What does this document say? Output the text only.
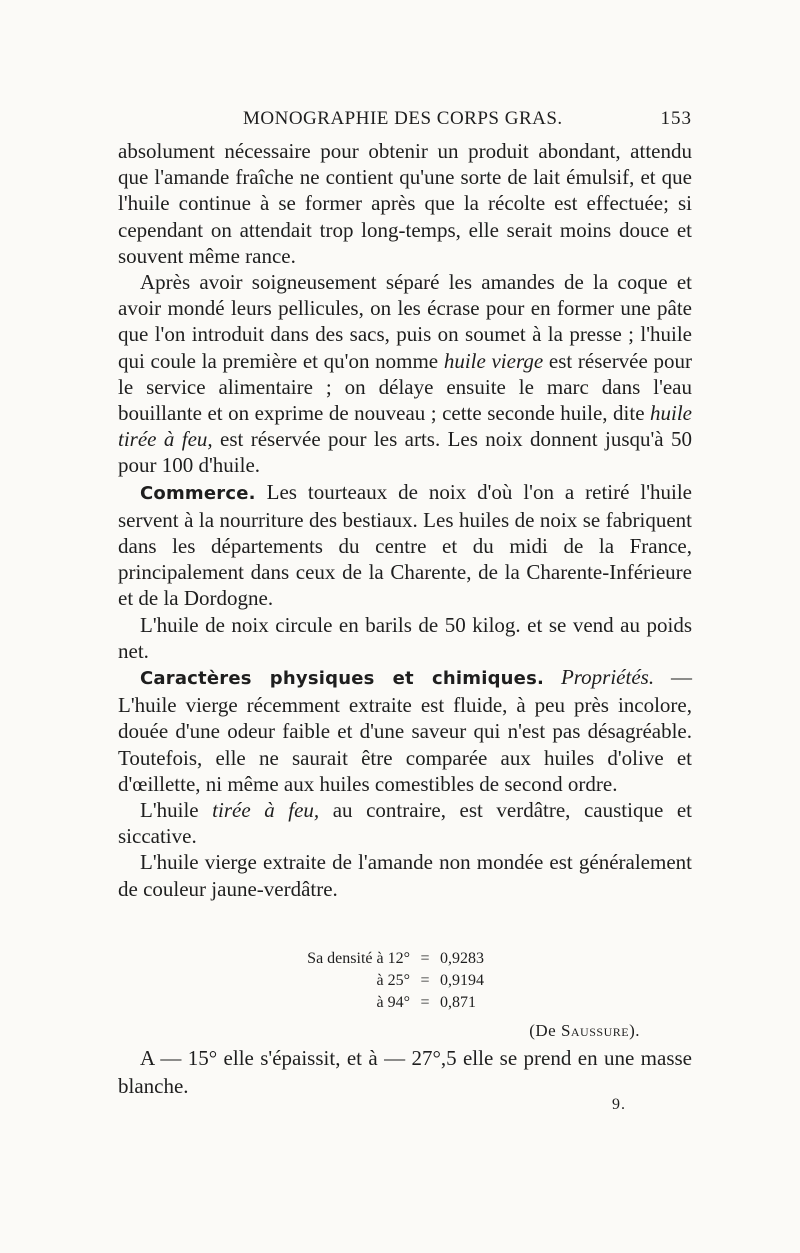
MONOGRAPHIE DES CORPS GRAS.	153

absolument nécessaire pour obtenir un produit abondant, attendu que l'amande fraîche ne contient qu'une sorte de lait émulsif, et que l'huile continue à se former après que la récolte est effectuée; si cependant on attendait trop long-temps, elle serait moins douce et souvent même rance.

Après avoir soigneusement séparé les amandes de la coque et avoir mondé leurs pellicules, on les écrase pour en former une pâte que l'on introduit dans des sacs, puis on soumet à la presse ; l'huile qui coule la première et qu'on nomme huile vierge est réservée pour le service alimentaire ; on délaye ensuite le marc dans l'eau bouillante et on exprime de nouveau ; cette seconde huile, dite huile tirée à feu, est réservée pour les arts. Les noix donnent jusqu'à 50 pour 100 d'huile.

Commerce. Les tourteaux de noix d'où l'on a retiré l'huile servent à la nourriture des bestiaux. Les huiles de noix se fabriquent dans les départements du centre et du midi de la France, principalement dans ceux de la Charente, de la Charente-Inférieure et de la Dordogne.

L'huile de noix circule en barils de 50 kilog. et se vend au poids net.

Caractères physiques et chimiques. Propriétés. — L'huile vierge récemment extraite est fluide, à peu près incolore, douée d'une odeur faible et d'une saveur qui n'est pas désagréable. Toutefois, elle ne saurait être comparée aux huiles d'olive et d'œillette, ni même aux huiles comestibles de second ordre.

L'huile tirée à feu, au contraire, est verdâtre, caustique et siccative.

L'huile vierge extraite de l'amande non mondée est généralement de couleur jaune-verdâtre.

Sa densité à 12° = 0,9283
à 25° = 0,9194
à 94° = 0,871
(De Saussure).

A — 15° elle s'épaissit, et à — 27°,5 elle se prend en une masse blanche.

9.
